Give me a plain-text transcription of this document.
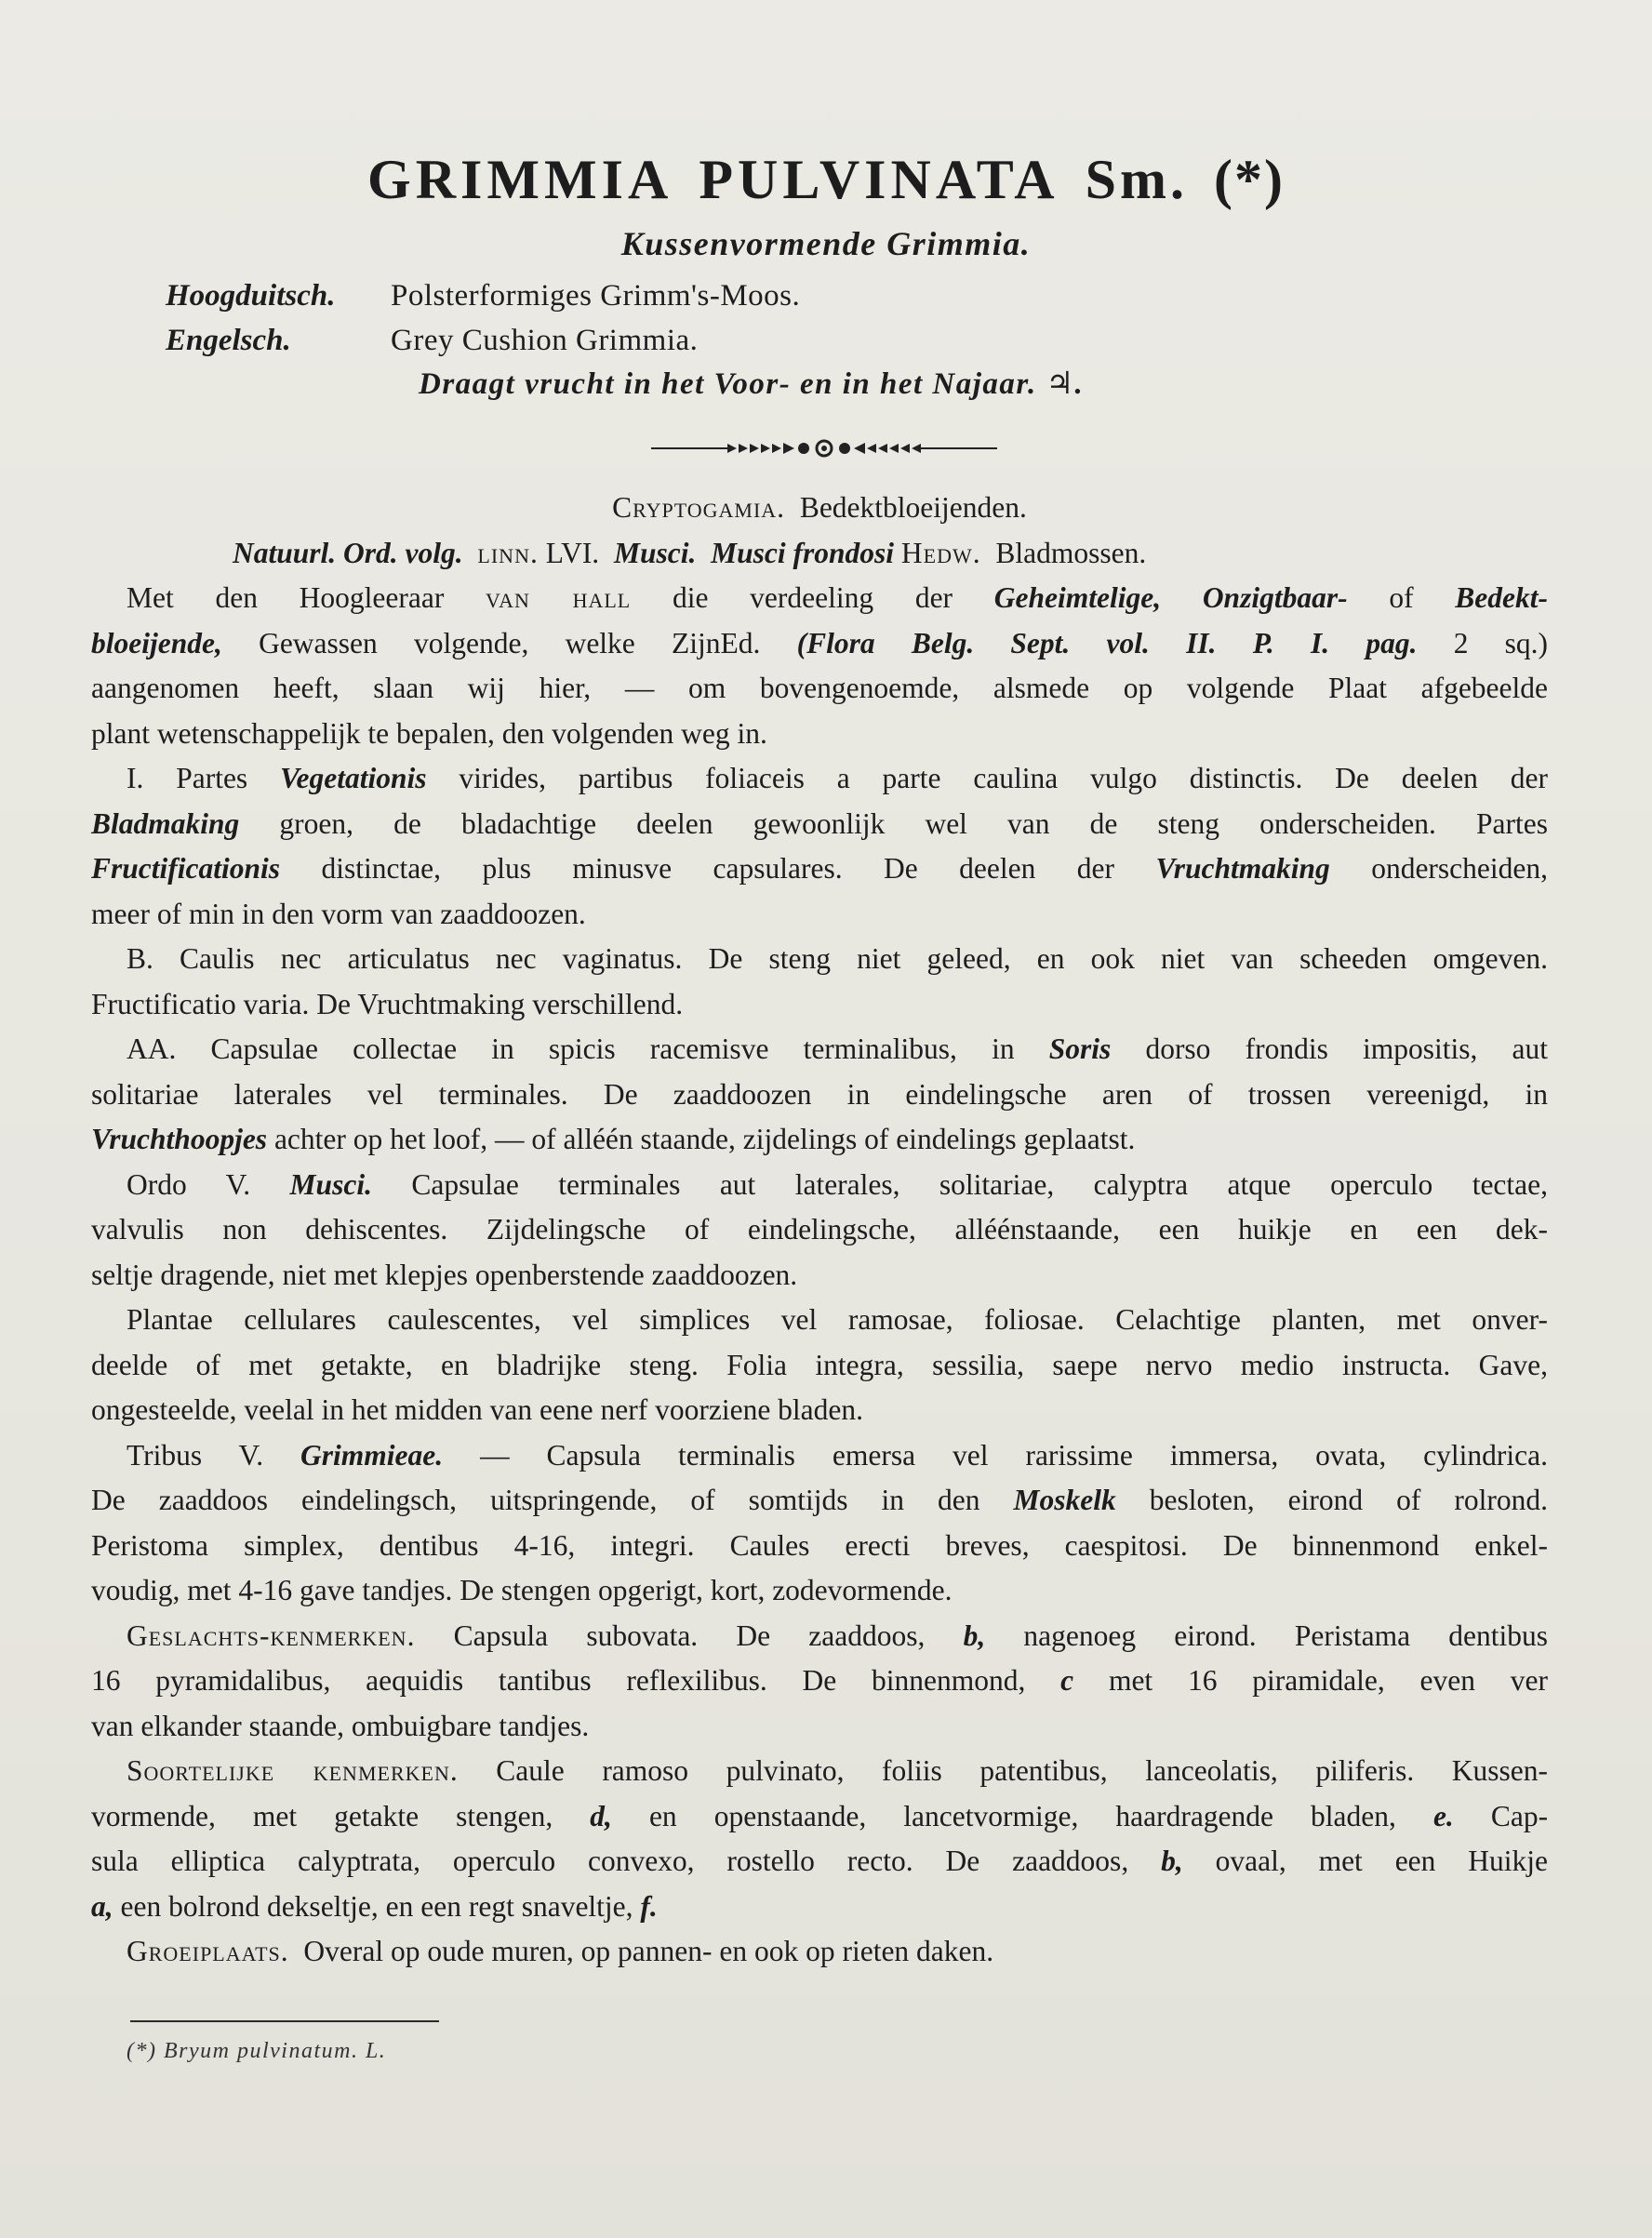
GRIMMIA PULVINATA Sm. (*)
Kussenvormende Grimmia.
Hoogduitsch. Polsterformiges Grimm's-Moos.
Engelsch.	Grey Cushion Grimmia.
Draagt vrucht in het Voor- en in het Najaar. ♃.
Cryptogamia. Bedektbloeijenden.
Natuurl. Ord. volg. linn. LVI. Musci. Musci frondosi Hedw. Bladmossen.
Met den Hoogleeraar van hall die verdeeling der Geheimtelige, Onzigtbaar- of Bedekt-
bloeijende, Gewassen volgende, welke ZijnEd. (Flora Belg. Sept. vol. II. P. I. pag. 2 sq.)
aangenomen heeft, slaan wij hier, — om bovengenoemde, alsmede op volgende Plaat afgebeelde
plant wetenschappelijk te bepalen, den volgenden weg in.
I. Partes Vegetationis virides, partibus foliaceis a parte caulina vulgo distinctis. De deelen der
Bladmaking groen, de bladachtige deelen gewoonlijk wel van de steng onderscheiden. Partes
Fructificationis distinctae, plus minusve capsulares. De deelen der Vruchtmaking onderscheiden,
meer of min in den vorm van zaaddoozen.
B. Caulis nec articulatus nec vaginatus. De steng niet geleed, en ook niet van scheeden omgeven.
Fructificatio varia. De Vruchtmaking verschillend.
AA. Capsulae collectae in spicis racemisve terminalibus, in Soris dorso frondis impositis, aut
solitariae laterales vel terminales. De zaaddoozen in eindelingsche aren of trossen vereenigd, in
Vruchthoopjes achter op het loof, — of alléén staande, zijdelings of eindelings geplaatst.
Ordo V. Musci. Capsulae terminales aut laterales, solitariae, calyptra atque operculo tectae,
valvulis non dehiscentes. Zijdelingsche of eindelingsche, alléénstaande, een huikje en een dek-
seltje dragende, niet met klepjes openberstende zaaddoozen.
Plantae cellulares caulescentes, vel simplices vel ramosae, foliosae. Celachtige planten, met onver-
deelde of met getakte, en bladrijke steng. Folia integra, sessilia, saepe nervo medio instructa. Gave,
ongesteelde, veelal in het midden van eene nerf voorziene bladen.
Tribus V. Grimmieae. — Capsula terminalis emersa vel rarissime immersa, ovata, cylindrica.
De zaaddoos eindelingsch, uitspringende, of somtijds in den Moskelk besloten, eirond of rolrond.
Peristoma simplex, dentibus 4-16, integri. Caules erecti breves, caespitosi. De binnenmond enkel-
voudig, met 4-16 gave tandjes. De stengen opgerigt, kort, zodevormende.
Geslachts-kenmerken. Capsula subovata. De zaaddoos, b, nagenoeg eirond. Peristama dentibus
16 pyramidalibus, aequidis tantibus reflexilibus. De binnenmond, c met 16 piramidale, even ver
van elkander staande, ombuigbare tandjes.
Soortelijke kenmerken. Caule ramoso pulvinato, foliis patentibus, lanceolatis, piliferis. Kussen-
vormende, met getakte stengen, d, en openstaande, lancetvormige, haardragende bladen, e. Cap-
sula elliptica calyptrata, operculo convexo, rostello recto. De zaaddoos, b, ovaal, met een Huikje
a, een bolrond dekseltje, en een regt snaveltje, f.
Groeiplaats. Overal op oude muren, op pannen- en ook op rieten daken.
(*) Bryum pulvinatum. L.
